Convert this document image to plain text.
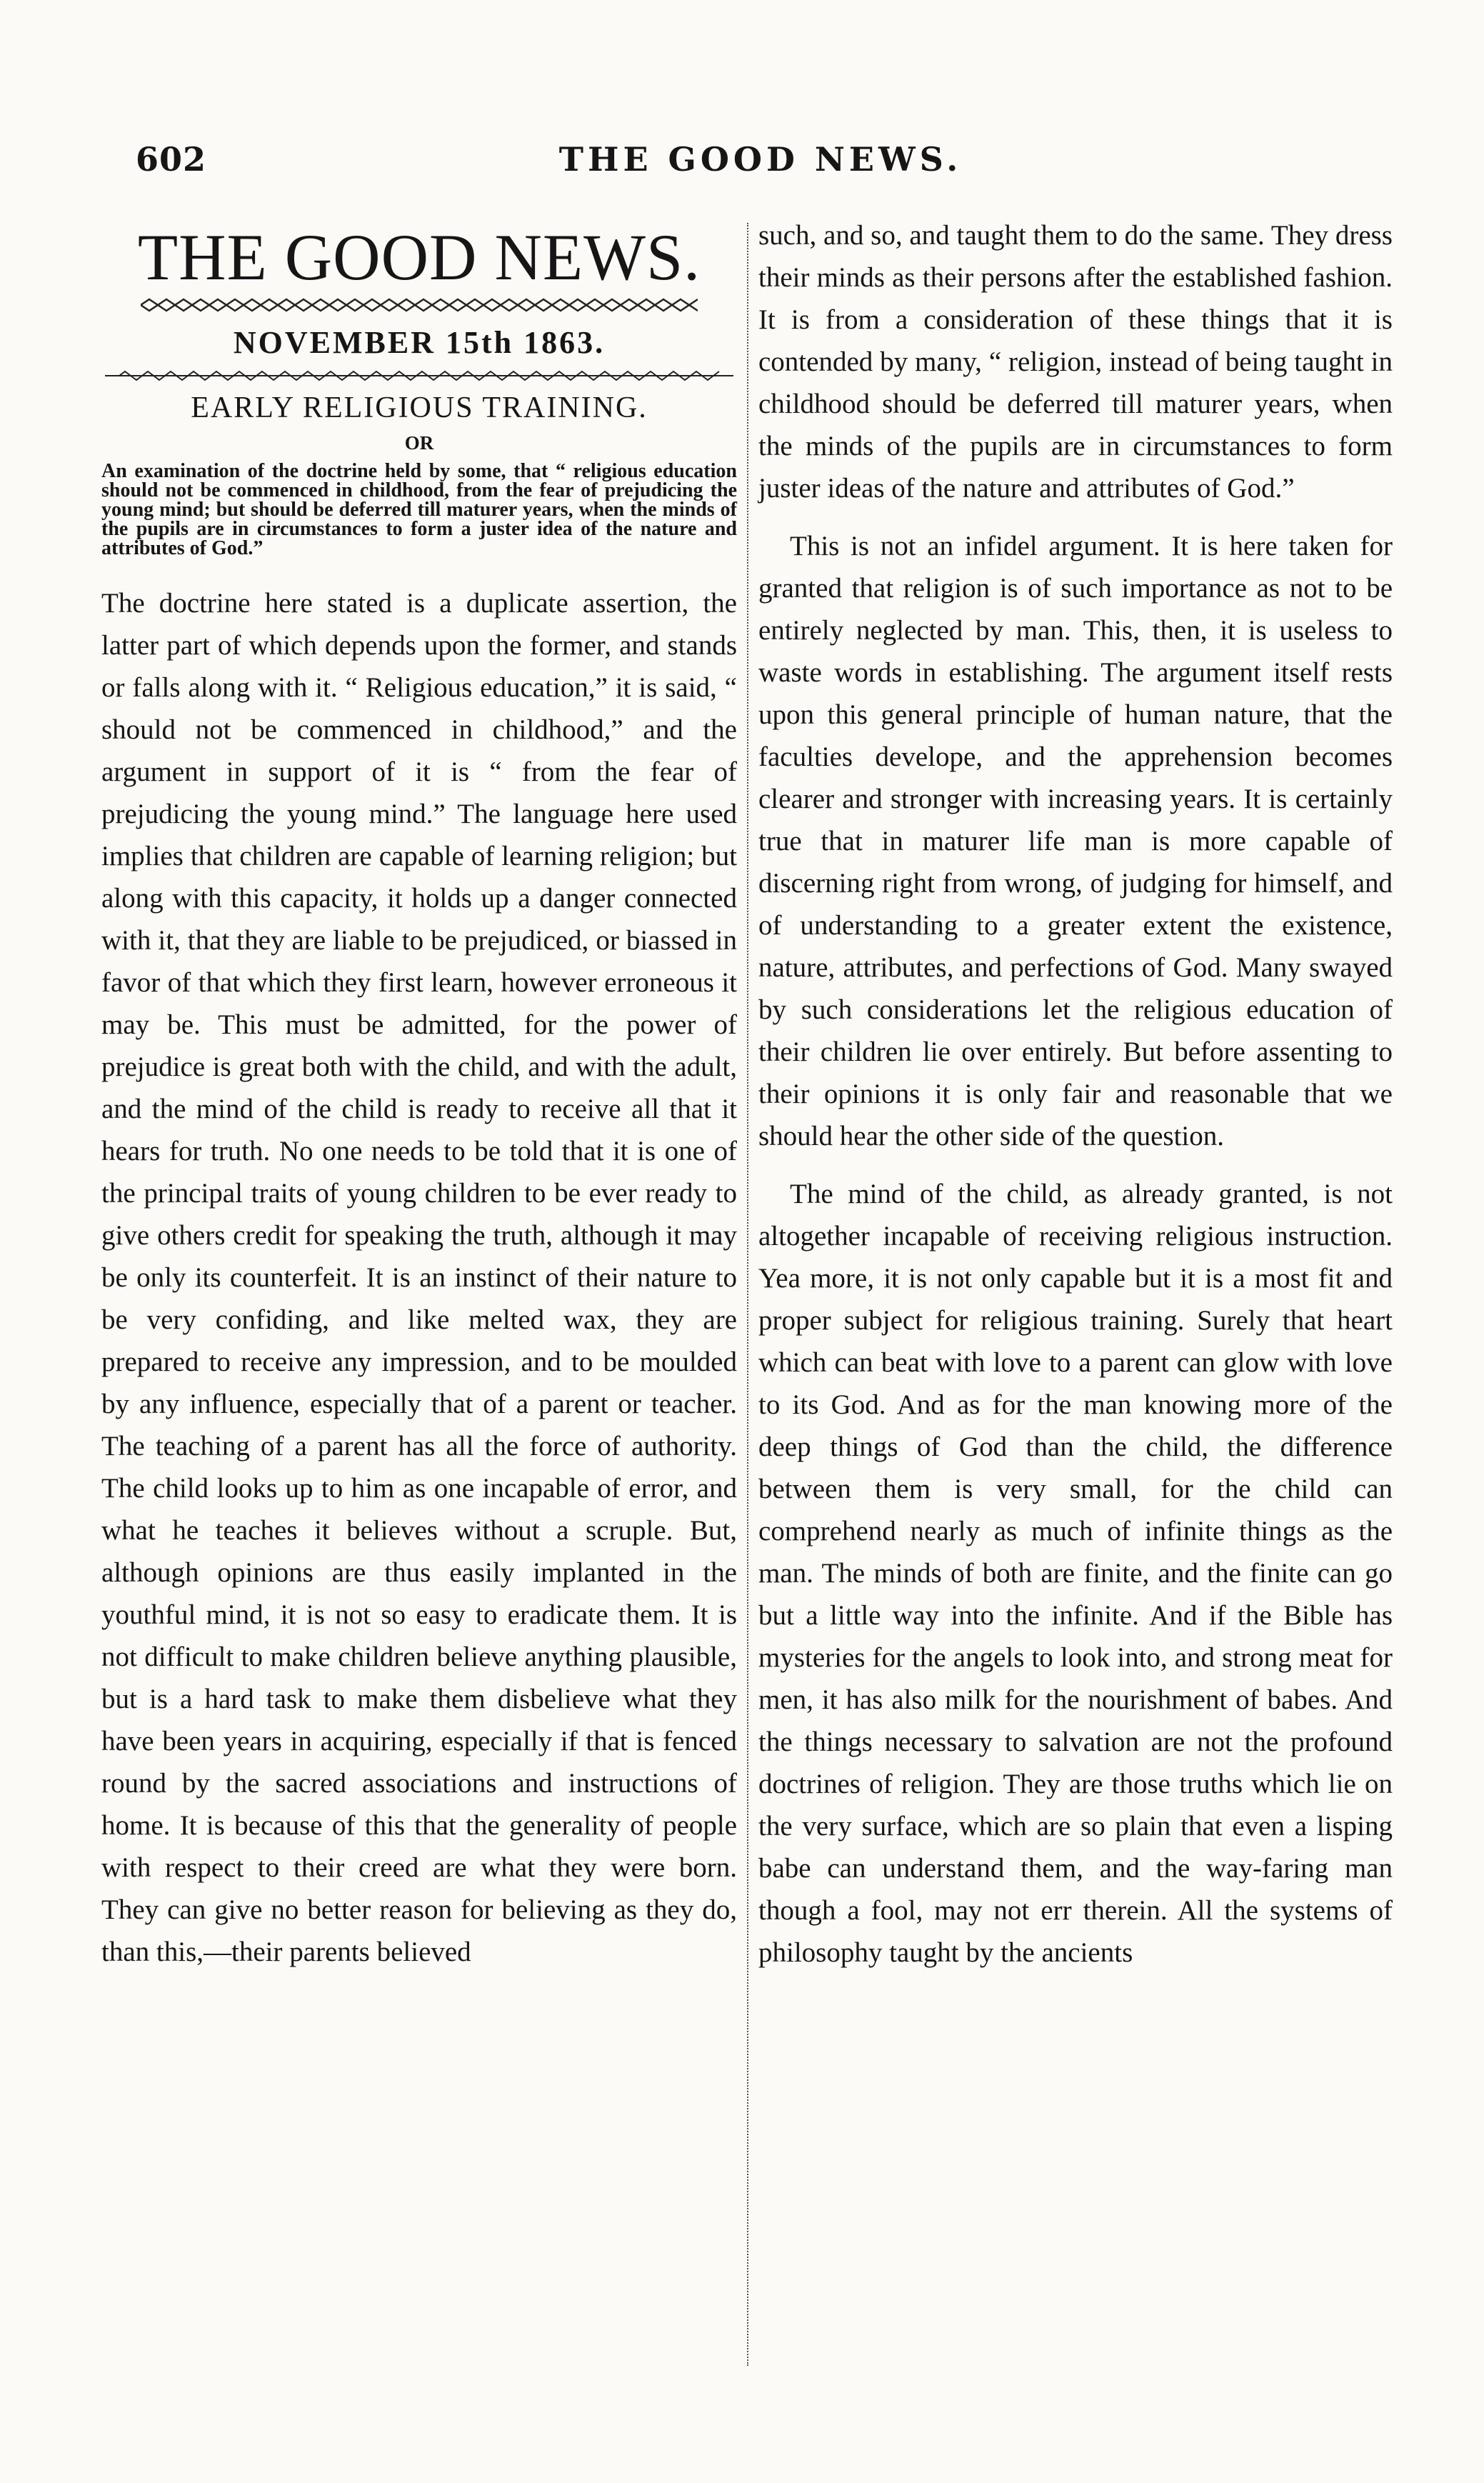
602	THE GOOD NEWS.
THE GOOD NEWS.
NOVEMBER 15th 1863.
EARLY RELIGIOUS TRAINING.
OR

An examination of the doctrine held by some, that “ religious education should not be commenced in childhood, from the fear of prejudicing the young mind; but should be deferred till maturer years, when the minds of the pupils are in circumstances to form a juster idea of the nature and attributes of God.”

The doctrine here stated is a duplicate assertion, the latter part of which depends upon the former, and stands or falls along with it. “ Religious education,” it is said, “ should not be commenced in childhood,” and the argument in support of it is “ from the fear of prejudicing the young mind.” The language here used implies that children are capable of learning religion; but along with this capacity, it holds up a danger connected with it, that they are liable to be prejudiced, or biassed in favor of that which they first learn, however erroneous it may be. This must be admitted, for the power of prejudice is great both with the child, and with the adult, and the mind of the child is ready to receive all that it hears for truth. No one needs to be told that it is one of the principal traits of young children to be ever ready to give others credit for speaking the truth, although it may be only its counterfeit. It is an instinct of their nature to be very confiding, and like melted wax, they are prepared to receive any impression, and to be moulded by any influence, especially that of a parent or teacher. The teaching of a parent has all the force of authority. The child looks up to him as one incapable of error, and what he teaches it believes without a scruple. But, although opinions are thus easily implanted in the youthful mind, it is not so easy to eradicate them. It is not difficult to make children believe anything plausible, but is a hard task to make them disbelieve what they have been years in acquiring, especially if that is fenced round by the sacred associations and instructions of home. It is because of this that the generality of people with respect to their creed are what they were born. They can give no better reason for believing as they do, than this,—their parents believed

such, and so, and taught them to do the same. They dress their minds as their persons after the established fashion. It is from a consideration of these things that it is contended by many, “ religion, instead of being taught in childhood should be deferred till maturer years, when the minds of the pupils are in circumstances to form juster ideas of the nature and attributes of God.”

This is not an infidel argument. It is here taken for granted that religion is of such importance as not to be entirely neglected by man. This, then, it is useless to waste words in establishing. The argument itself rests upon this general principle of human nature, that the faculties develope, and the apprehension becomes clearer and stronger with increasing years. It is certainly true that in maturer life man is more capable of discerning right from wrong, of judging for himself, and of understanding to a greater extent the existence, nature, attributes, and perfections of God. Many swayed by such considerations let the religious education of their children lie over entirely. But before assenting to their opinions it is only fair and reasonable that we should hear the other side of the question.

The mind of the child, as already granted, is not altogether incapable of receiving religious instruction. Yea more, it is not only capable but it is a most fit and proper subject for religious training. Surely that heart which can beat with love to a parent can glow with love to its God. And as for the man knowing more of the deep things of God than the child, the difference between them is very small, for the child can comprehend nearly as much of infinite things as the man. The minds of both are finite, and the finite can go but a little way into the infinite. And if the Bible has mysteries for the angels to look into, and strong meat for men, it has also milk for the nourishment of babes. And the things necessary to salvation are not the profound doctrines of religion. They are those truths which lie on the very surface, which are so plain that even a lisping babe can understand them, and the way-faring man though a fool, may not err therein. All the systems of philosophy taught by the ancients
